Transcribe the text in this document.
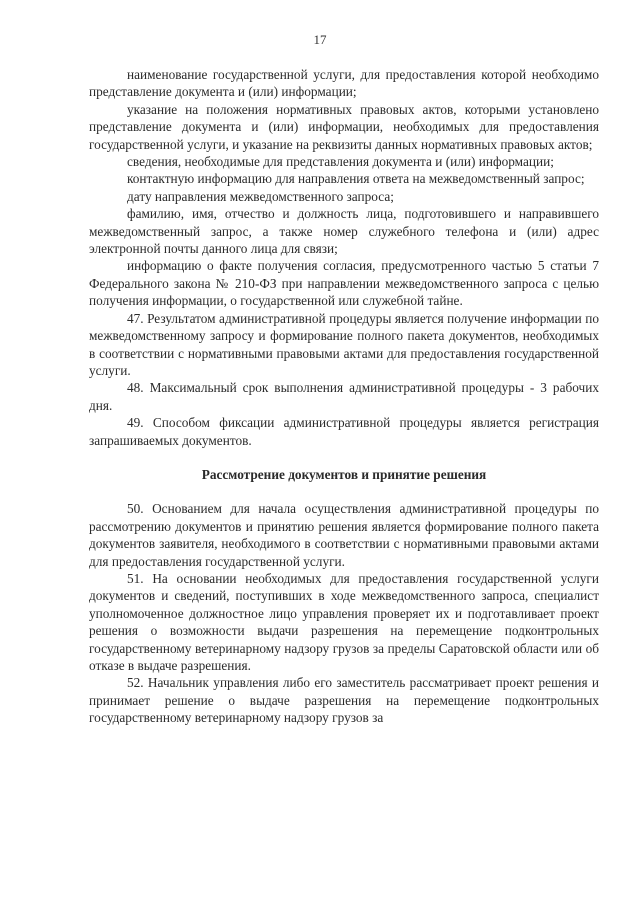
17

наименование государственной услуги, для предоставления которой необходимо представление документа и (или) информации;

указание на положения нормативных правовых актов, которыми установлено представление документа и (или) информации, необходимых для предоставления государственной услуги, и указание на реквизиты данных нормативных правовых актов;

сведения, необходимые для представления документа и (или) информации;

контактную информацию для направления ответа на межведомственный запрос;

дату направления межведомственного запроса;

фамилию, имя, отчество и должность лица, подготовившего и направившего межведомственный запрос, а также номер служебного телефона и (или) адрес электронной почты данного лица для связи;

информацию о факте получения согласия, предусмотренного частью 5 статьи 7 Федерального закона № 210-ФЗ при направлении межведомственного запроса с целью получения информации, о государственной или служебной тайне.

47. Результатом административной процедуры является получение информации по межведомственному запросу и формирование полного пакета документов, необходимых в соответствии с нормативными правовыми актами для предоставления государственной услуги.

48. Максимальный срок выполнения административной процедуры - 3 рабочих дня.

49. Способом фиксации административной процедуры является регистрация запрашиваемых документов.

Рассмотрение документов и принятие решения

50. Основанием для начала осуществления административной процедуры по рассмотрению документов и принятию решения является формирование полного пакета документов заявителя, необходимого в соответствии с нормативными правовыми актами для предоставления государственной услуги.

51. На основании необходимых для предоставления государственной услуги документов и сведений, поступивших в ходе межведомственного запроса, специалист уполномоченное должностное лицо управления проверяет их и подготавливает проект решения о возможности выдачи разрешения на перемещение подконтрольных государственному ветеринарному надзору грузов за пределы Саратовской области или об отказе в выдаче разрешения.

52. Начальник управления либо его заместитель рассматривает проект решения и принимает решение о выдаче разрешения на перемещение подконтрольных государственному ветеринарному надзору грузов за
